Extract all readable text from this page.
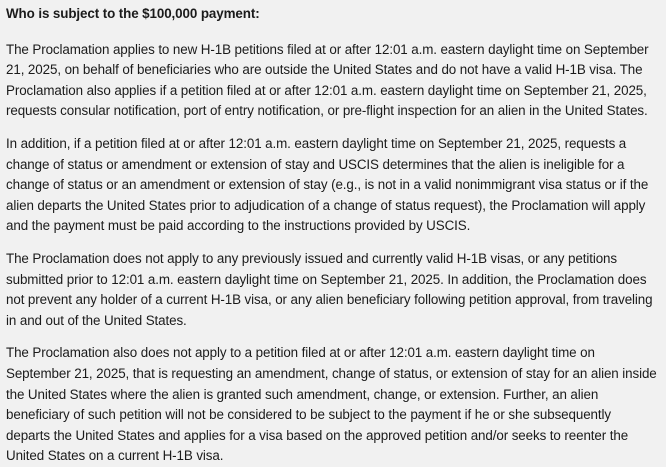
Who is subject to the $100,000 payment:

The Proclamation applies to new H-1B petitions filed at or after 12:01 a.m. eastern daylight time on September 21, 2025, on behalf of beneficiaries who are outside the United States and do not have a valid H-1B visa. The Proclamation also applies if a petition filed at or after 12:01 a.m. eastern daylight time on September 21, 2025, requests consular notification, port of entry notification, or pre-flight inspection for an alien in the United States.

In addition, if a petition filed at or after 12:01 a.m. eastern daylight time on September 21, 2025, requests a change of status or amendment or extension of stay and USCIS determines that the alien is ineligible for a change of status or an amendment or extension of stay (e.g., is not in a valid nonimmigrant visa status or if the alien departs the United States prior to adjudication of a change of status request), the Proclamation will apply and the payment must be paid according to the instructions provided by USCIS.

The Proclamation does not apply to any previously issued and currently valid H-1B visas, or any petitions submitted prior to 12:01 a.m. eastern daylight time on September 21, 2025. In addition, the Proclamation does not prevent any holder of a current H-1B visa, or any alien beneficiary following petition approval, from traveling in and out of the United States.

The Proclamation also does not apply to a petition filed at or after 12:01 a.m. eastern daylight time on September 21, 2025, that is requesting an amendment, change of status, or extension of stay for an alien inside the United States where the alien is granted such amendment, change, or extension. Further, an alien beneficiary of such petition will not be considered to be subject to the payment if he or she subsequently departs the United States and applies for a visa based on the approved petition and/or seeks to reenter the United States on a current H-1B visa.
